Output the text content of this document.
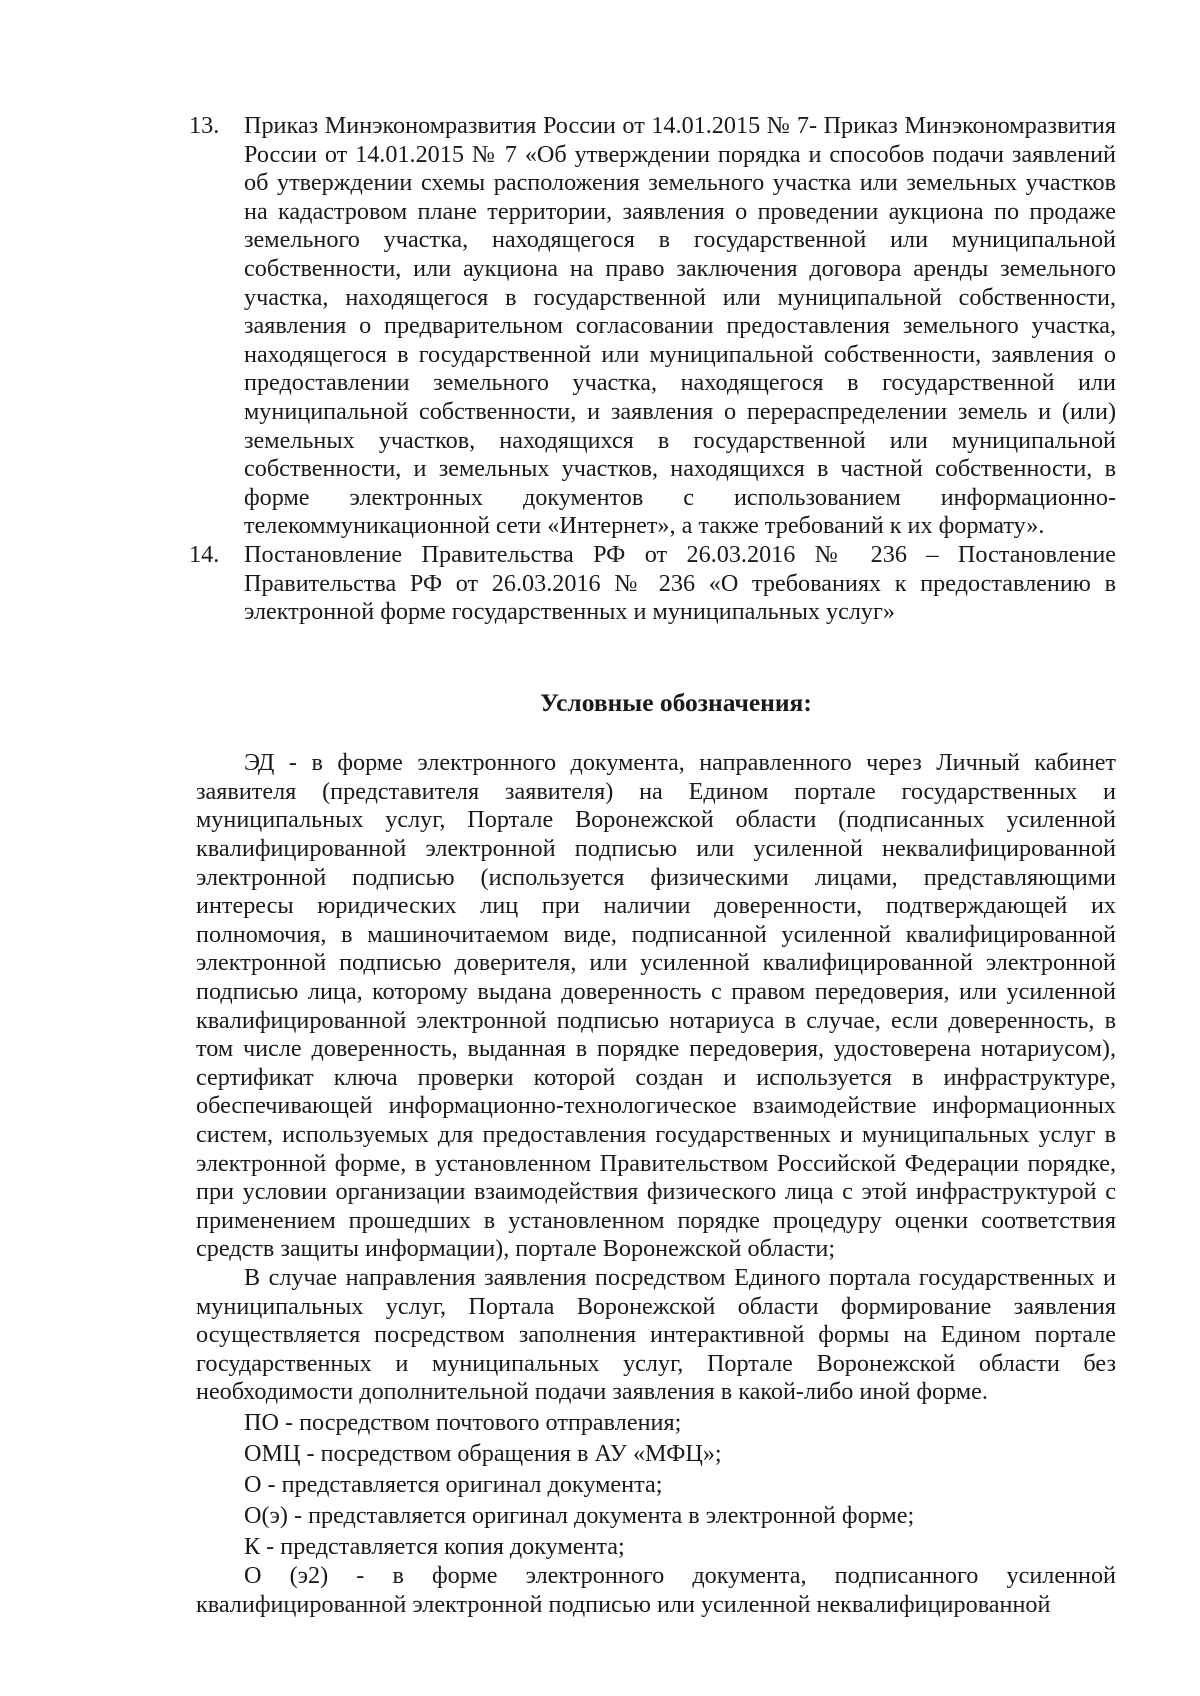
13. Приказ Минэкономразвития России от 14.01.2015 № 7- Приказ Минэкономразвития России от 14.01.2015 № 7 «Об утверждении порядка и способов подачи заявлений об утверждении схемы расположения земельного участка или земельных участков на кадастровом плане территории, заявления о проведении аукциона по продаже земельного участка, находящегося в государственной или муниципальной собственности, или аукциона на право заключения договора аренды земельного участка, находящегося в государственной или муниципальной собственности, заявления о предварительном согласовании предоставления земельного участка, находящегося в государственной или муниципальной собственности, заявления о предоставлении земельного участка, находящегося в государственной или муниципальной собственности, и заявления о перераспределении земель и (или) земельных участков, находящихся в государственной или муниципальной собственности, и земельных участков, находящихся в частной собственности, в форме электронных документов с использованием информационно-телекоммуникационной сети «Интернет», а также требований к их формату».
14. Постановление Правительства РФ от 26.03.2016 № 236 – Постановление Правительства РФ от 26.03.2016 № 236 «О требованиях к предоставлению в электронной форме государственных и муниципальных услуг»
Условные обозначения:

ЭД - в форме электронного документа, направленного через Личный кабинет заявителя (представителя заявителя) на Едином портале государственных и муниципальных услуг, Портале Воронежской области (подписанных усиленной квалифицированной электронной подписью или усиленной неквалифицированной электронной подписью (используется физическими лицами, представляющими интересы юридических лиц при наличии доверенности, подтверждающей их полномочия, в машиночитаемом виде, подписанной усиленной квалифицированной электронной подписью доверителя, или усиленной квалифицированной электронной подписью лица, которому выдана доверенность с правом передоверия, или усиленной квалифицированной электронной подписью нотариуса в случае, если доверенность, в том числе доверенность, выданная в порядке передоверия, удостоверена нотариусом), сертификат ключа проверки которой создан и используется в инфраструктуре, обеспечивающей информационно-технологическое взаимодействие информационных систем, используемых для предоставления государственных и муниципальных услуг в электронной форме, в установленном Правительством Российской Федерации порядке, при условии организации взаимодействия физического лица с этой инфраструктурой с применением прошедших в установленном порядке процедуру оценки соответствия средств защиты информации), портале Воронежской области;

В случае направления заявления посредством Единого портала государственных и муниципальных услуг, Портала Воронежской области формирование заявления осуществляется посредством заполнения интерактивной формы на Едином портале государственных и муниципальных услуг, Портале Воронежской области без необходимости дополнительной подачи заявления в какой-либо иной форме.

ПО - посредством почтового отправления;

ОМЦ - посредством обращения в АУ «МФЦ»;

О - представляется оригинал документа;

О(э) - представляется оригинал документа в электронной форме;

К - представляется копия документа;

О (э2) - в форме электронного документа, подписанного усиленной квалифицированной электронной подписью или усиленной неквалифицированной
